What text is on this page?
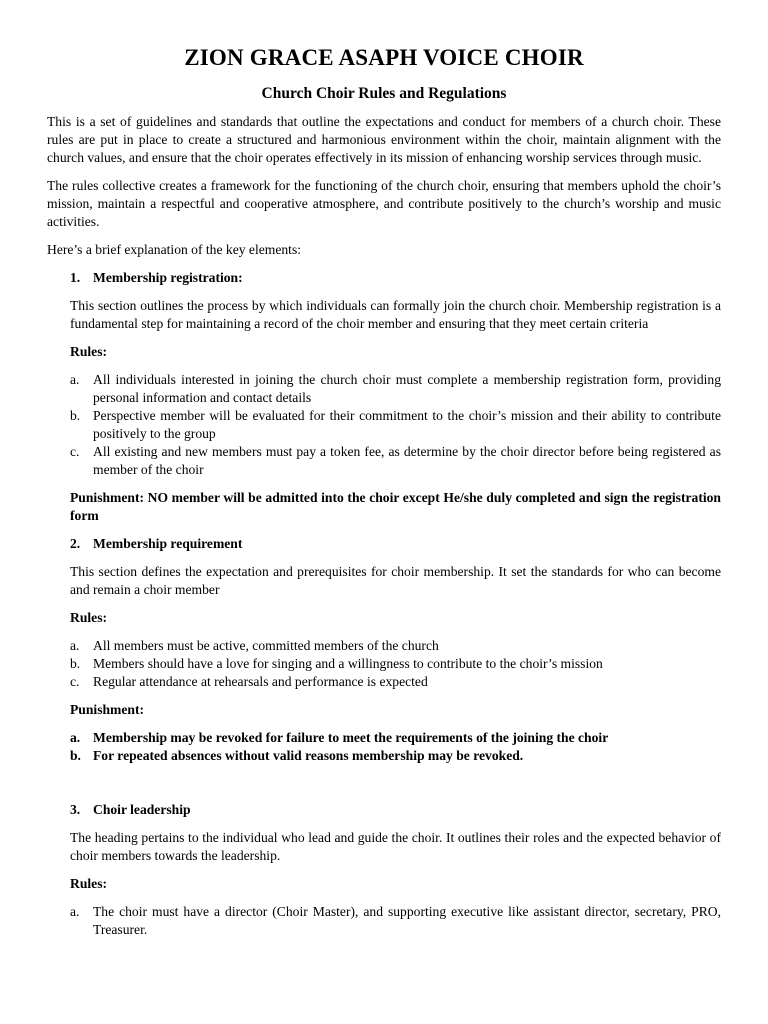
ZION GRACE ASAPH VOICE CHOIR
Church Choir Rules and Regulations

This is a set of guidelines and standards that outline the expectations and conduct for members of a church choir. These rules are put in place to create a structured and harmonious environment within the choir, maintain alignment with the church values, and ensure that the choir operates effectively in its mission of enhancing worship services through music.

The rules collective creates a framework for the functioning of the church choir, ensuring that members uphold the choir’s mission, maintain a respectful and cooperative atmosphere, and contribute positively to the church’s worship and music activities.

Here’s a brief explanation of the key elements:

1. Membership registration:

This section outlines the process by which individuals can formally join the church choir. Membership registration is a fundamental step for maintaining a record of the choir member and ensuring that they meet certain criteria

Rules:
a. All individuals interested in joining the church choir must complete a membership registration form, providing personal information and contact details
b. Perspective member will be evaluated for their commitment to the choir’s mission and their ability to contribute positively to the group
c. All existing and new members must pay a token fee, as determine by the choir director before being registered as member of the choir

Punishment: NO member will be admitted into the choir except He/she duly completed and sign the registration form

2. Membership requirement

This section defines the expectation and prerequisites for choir membership. It set the standards for who can become and remain a choir member

Rules:
a. All members must be active, committed members of the church
b. Members should have a love for singing and a willingness to contribute to the choir’s mission
c. Regular attendance at rehearsals and performance is expected
Punishment:
a. Membership may be revoked for failure to meet the requirements of the joining the choir
b. For repeated absences without valid reasons membership may be revoked.
3. Choir leadership

The heading pertains to the individual who lead and guide the choir. It outlines their roles and the expected behavior of choir members towards the leadership.

Rules:
a. The choir must have a director (Choir Master), and supporting executive like assistant director, secretary, PRO, Treasurer.
